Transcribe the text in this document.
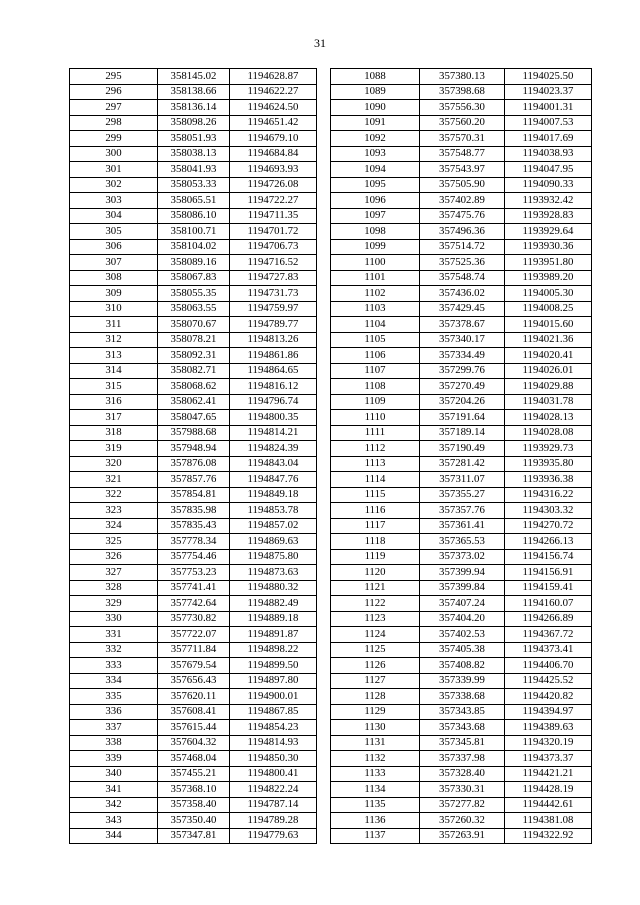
31
295	358145.02	1194628.87		1088	357380.13	1194025.50
296	358138.66	1194622.27		1089	357398.68	1194023.37
297	358136.14	1194624.50		1090	357556.30	1194001.31
298	358098.26	1194651.42		1091	357560.20	1194007.53
299	358051.93	1194679.10		1092	357570.31	1194017.69
300	358038.13	1194684.84		1093	357548.77	1194038.93
301	358041.93	1194693.93		1094	357543.97	1194047.95
302	358053.33	1194726.08		1095	357505.90	1194090.33
303	358065.51	1194722.27		1096	357402.89	1193932.42
304	358086.10	1194711.35		1097	357475.76	1193928.83
305	358100.71	1194701.72		1098	357496.36	1193929.64
306	358104.02	1194706.73		1099	357514.72	1193930.36
307	358089.16	1194716.52		1100	357525.36	1193951.80
308	358067.83	1194727.83		1101	357548.74	1193989.20
309	358055.35	1194731.73		1102	357436.02	1194005.30
310	358063.55	1194759.97		1103	357429.45	1194008.25
311	358070.67	1194789.77		1104	357378.67	1194015.60
312	358078.21	1194813.26		1105	357340.17	1194021.36
313	358092.31	1194861.86		1106	357334.49	1194020.41
314	358082.71	1194864.65		1107	357299.76	1194026.01
315	358068.62	1194816.12		1108	357270.49	1194029.88
316	358062.41	1194796.74		1109	357204.26	1194031.78
317	358047.65	1194800.35		1110	357191.64	1194028.13
318	357988.68	1194814.21		1111	357189.14	1194028.08
319	357948.94	1194824.39		1112	357190.49	1193929.73
320	357876.08	1194843.04		1113	357281.42	1193935.80
321	357857.76	1194847.76		1114	357311.07	1193936.38
322	357854.81	1194849.18		1115	357355.27	1194316.22
323	357835.98	1194853.78		1116	357357.76	1194303.32
324	357835.43	1194857.02		1117	357361.41	1194270.72
325	357778.34	1194869.63		1118	357365.53	1194266.13
326	357754.46	1194875.80		1119	357373.02	1194156.74
327	357753.23	1194873.63		1120	357399.94	1194156.91
328	357741.41	1194880.32		1121	357399.84	1194159.41
329	357742.64	1194882.49		1122	357407.24	1194160.07
330	357730.82	1194889.18		1123	357404.20	1194266.89
331	357722.07	1194891.87		1124	357402.53	1194367.72
332	357711.84	1194898.22		1125	357405.38	1194373.41
333	357679.54	1194899.50		1126	357408.82	1194406.70
334	357656.43	1194897.80		1127	357339.99	1194425.52
335	357620.11	1194900.01		1128	357338.68	1194420.82
336	357608.41	1194867.85		1129	357343.85	1194394.97
337	357615.44	1194854.23		1130	357343.68	1194389.63
338	357604.32	1194814.93		1131	357345.81	1194320.19
339	357468.04	1194850.30		1132	357337.98	1194373.37
340	357455.21	1194800.41		1133	357328.40	1194421.21
341	357368.10	1194822.24		1134	357330.31	1194428.19
342	357358.40	1194787.14		1135	357277.82	1194442.61
343	357350.40	1194789.28		1136	357260.32	1194381.08
344	357347.81	1194779.63		1137	357263.91	1194322.92
